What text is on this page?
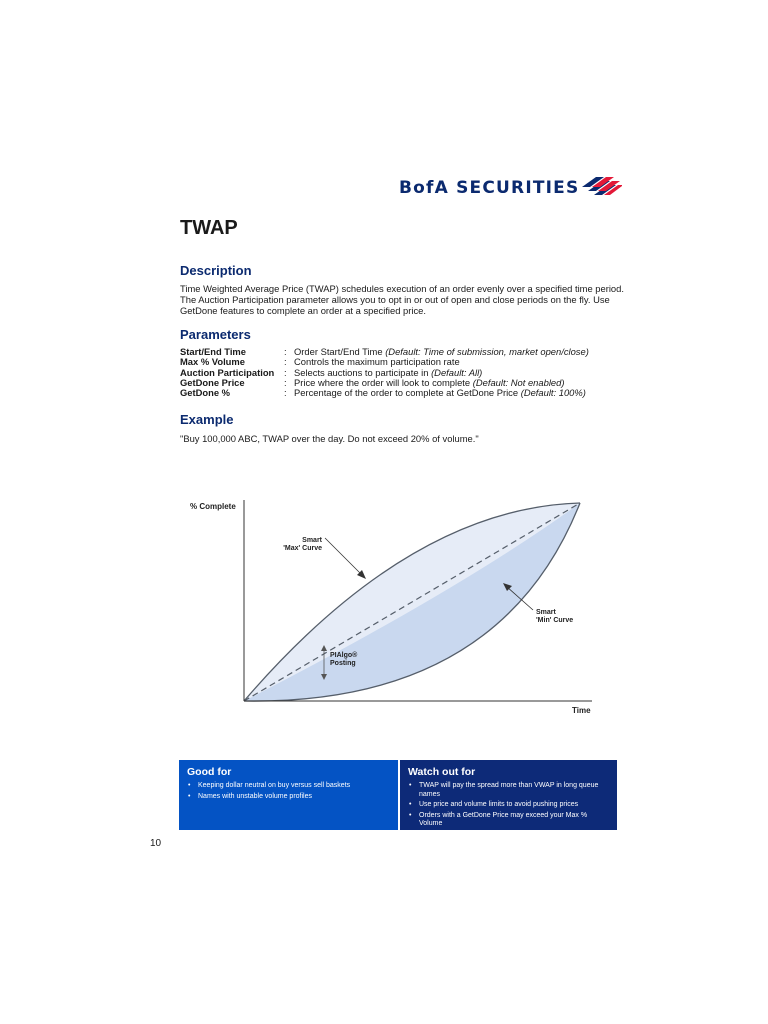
BofA SECURITIES
TWAP
Description
Time Weighted Average Price (TWAP) schedules execution of an order evenly over a specified time period. The Auction Participation parameter allows you to opt in or out of open and close periods on the fly. Use GetDone features to complete an order at a specified price.
Parameters
Start/End Time	: Order Start/End Time (Default: Time of submission, market open/close)
Max % Volume	: Controls the maximum participation rate
Auction Participation	: Selects auctions to participate in (Default: All)
GetDone Price	: Price where the order will look to complete (Default: Not enabled)
GetDone %	: Percentage of the order to complete at GetDone Price (Default: 100%)
Example
"Buy 100,000 ABC, TWAP over the day. Do not exceed 20% of volume."
% Complete
Time
Smart
'Max' Curve
Smart
'Min' Curve
PIAlgo®
Posting
Good for
• Keeping dollar neutral on buy versus sell baskets
• Names with unstable volume profiles
Watch out for
• TWAP will pay the spread more than VWAP in long queue names
• Use price and volume limits to avoid pushing prices
• Orders with a GetDone Price may exceed your Max % Volume
10
